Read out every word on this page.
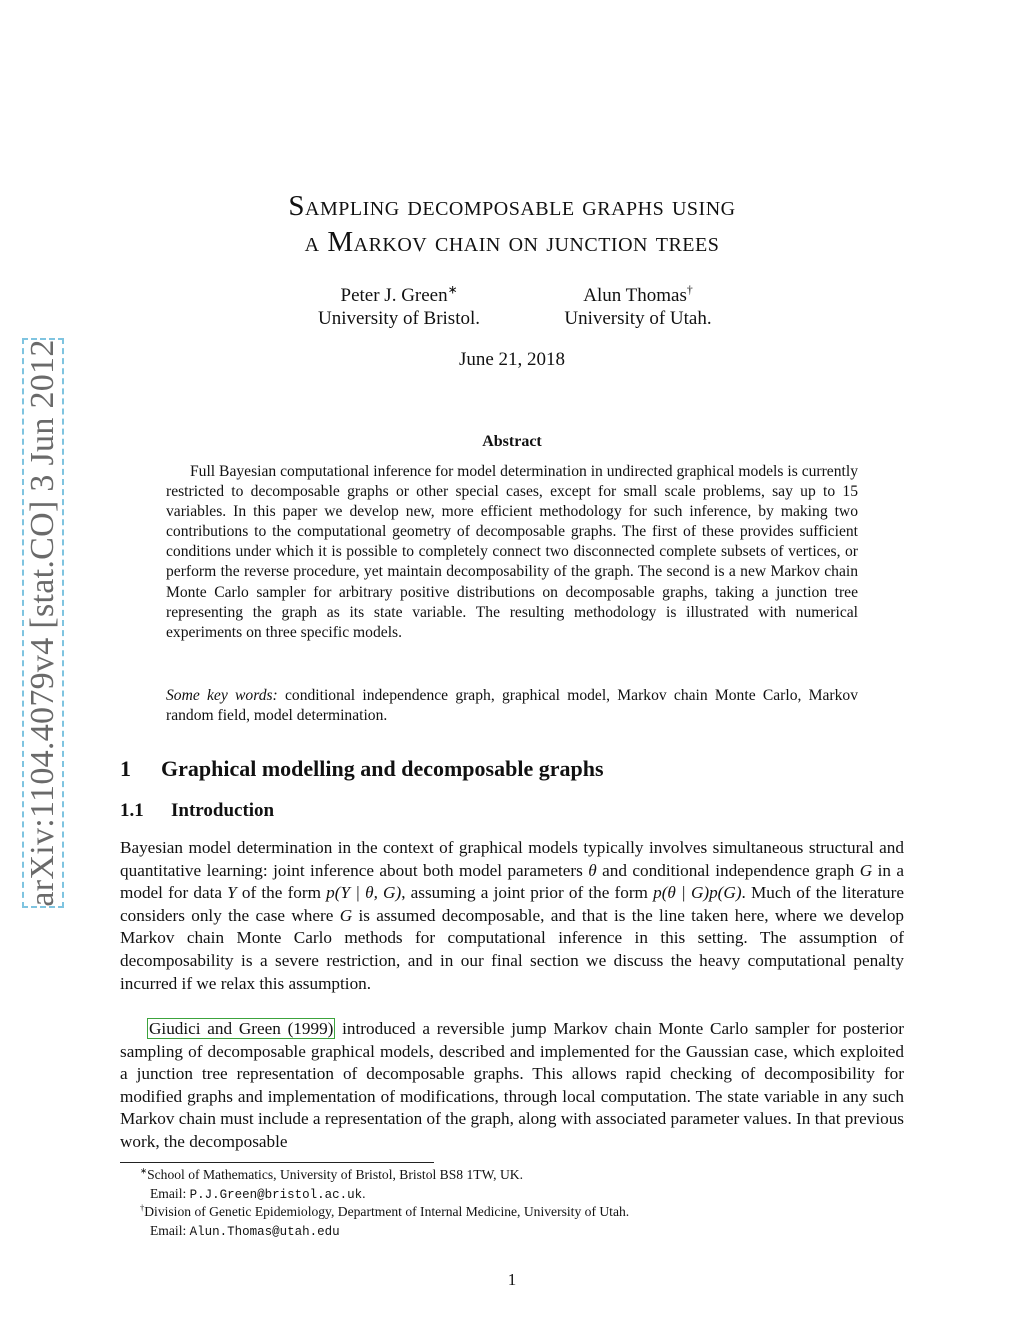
arXiv:1104.4079v4 [stat.CO] 3 Jun 2012
Sampling decomposable graphs using
a Markov chain on junction trees
Peter J. Green∗
University of Bristol.
Alun Thomas†
University of Utah.
June 21, 2018
Abstract

Full Bayesian computational inference for model determination in undirected graphical models is currently restricted to decomposable graphs or other special cases, except for small scale problems, say up to 15 variables. In this paper we develop new, more efficient methodology for such inference, by making two contributions to the computational geometry of decomposable graphs. The first of these provides sufficient conditions under which it is possible to completely connect two disconnected complete subsets of vertices, or perform the reverse procedure, yet maintain decomposability of the graph. The second is a new Markov chain Monte Carlo sampler for arbitrary positive distributions on decomposable graphs, taking a junction tree representing the graph as its state variable. The resulting methodology is illustrated with numerical experiments on three specific models.

Some key words: conditional independence graph, graphical model, Markov chain Monte Carlo, Markov random field, model determination.

1 Graphical modelling and decomposable graphs
1.1 Introduction

Bayesian model determination in the context of graphical models typically involves simultaneous structural and quantitative learning: joint inference about both model parameters θ and conditional independence graph G in a model for data Y of the form p(Y | θ, G), assuming a joint prior of the form p(θ | G)p(G). Much of the literature considers only the case where G is assumed decomposable, and that is the line taken here, where we develop Markov chain Monte Carlo methods for computational inference in this setting. The assumption of decomposability is a severe restriction, and in our final section we discuss the heavy computational penalty incurred if we relax this assumption.

Giudici and Green (1999) introduced a reversible jump Markov chain Monte Carlo sampler for posterior sampling of decomposable graphical models, described and implemented for the Gaussian case, which exploited a junction tree representation of decomposable graphs. This allows rapid checking of decomposibility for modified graphs and implementation of modifications, through local computation. The state variable in any such Markov chain must include a representation of the graph, along with associated parameter values. In that previous work, the decomposable

∗School of Mathematics, University of Bristol, Bristol BS8 1TW, UK.
Email: P.J.Green@bristol.ac.uk.
†Division of Genetic Epidemiology, Department of Internal Medicine, University of Utah.
Email: Alun.Thomas@utah.edu
1
